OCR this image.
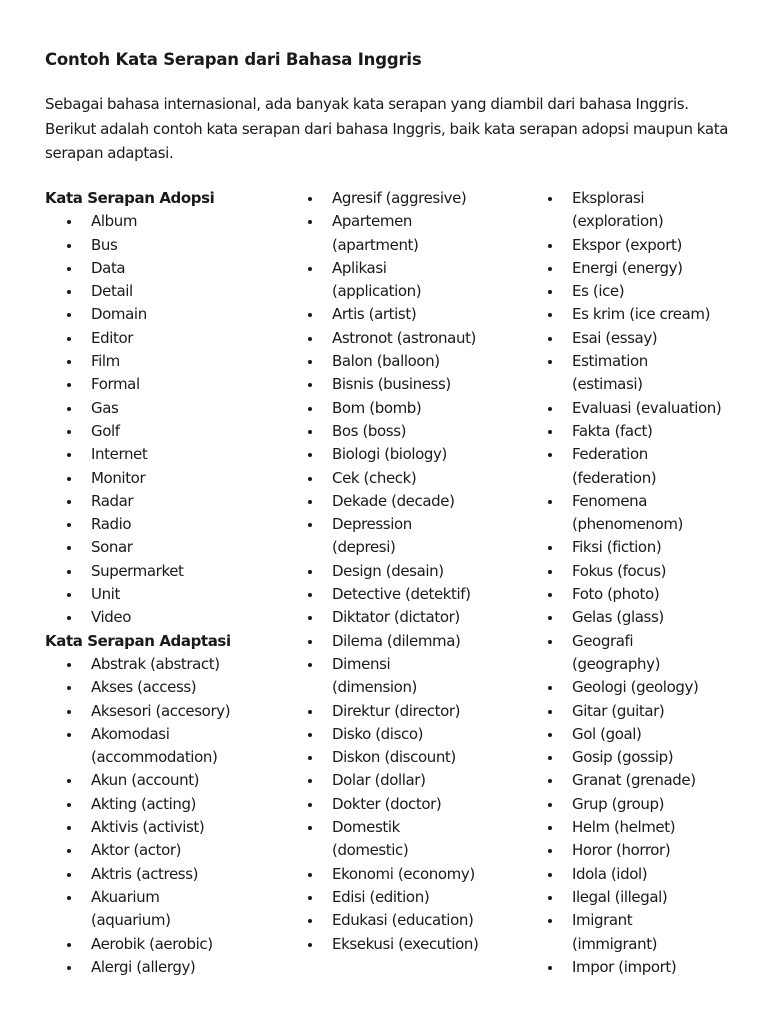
Contoh Kata Serapan dari Bahasa Inggris

Sebagai bahasa internasional, ada banyak kata serapan yang diambil dari bahasa Inggris. Berikut adalah contoh kata serapan dari bahasa Inggris, baik kata serapan adopsi maupun kata serapan adaptasi.

Kata Serapan Adopsi
Album
Bus
Data
Detail
Domain
Editor
Film
Formal
Gas
Golf
Internet
Monitor
Radar
Radio
Sonar
Supermarket
Unit
Video
Kata Serapan Adaptasi
Abstrak (abstract)
Akses (access)
Aksesori (accesory)
Akomodasi
(accommodation)
Akun (account)
Akting (acting)
Aktivis (activist)
Aktor (actor)
Aktris (actress)
Akuarium
(aquarium)
Aerobik (aerobic)
Alergi (allergy)
Agresif (aggresive)
Apartemen
(apartment)
Aplikasi
(application)
Artis (artist)
Astronot (astronaut)
Balon (balloon)
Bisnis (business)
Bom (bomb)
Bos (boss)
Biologi (biology)
Cek (check)
Dekade (decade)
Depression
(depresi)
Design (desain)
Detective (detektif)
Diktator (dictator)
Dilema (dilemma)
Dimensi
(dimension)
Direktur (director)
Disko (disco)
Diskon (discount)
Dolar (dollar)
Dokter (doctor)
Domestik
(domestic)
Ekonomi (economy)
Edisi (edition)
Edukasi (education)
Eksekusi (execution)
Eksplorasi
(exploration)
Ekspor (export)
Energi (energy)
Es (ice)
Es krim (ice cream)
Esai (essay)
Estimation
(estimasi)
Evaluasi (evaluation)
Fakta (fact)
Federation
(federation)
Fenomena
(phenomenom)
Fiksi (fiction)
Fokus (focus)
Foto (photo)
Gelas (glass)
Geografi
(geography)
Geologi (geology)
Gitar (guitar)
Gol (goal)
Gosip (gossip)
Granat (grenade)
Grup (group)
Helm (helmet)
Horor (horror)
Idola (idol)
Ilegal (illegal)
Imigrant
(immigrant)
Impor (import)
